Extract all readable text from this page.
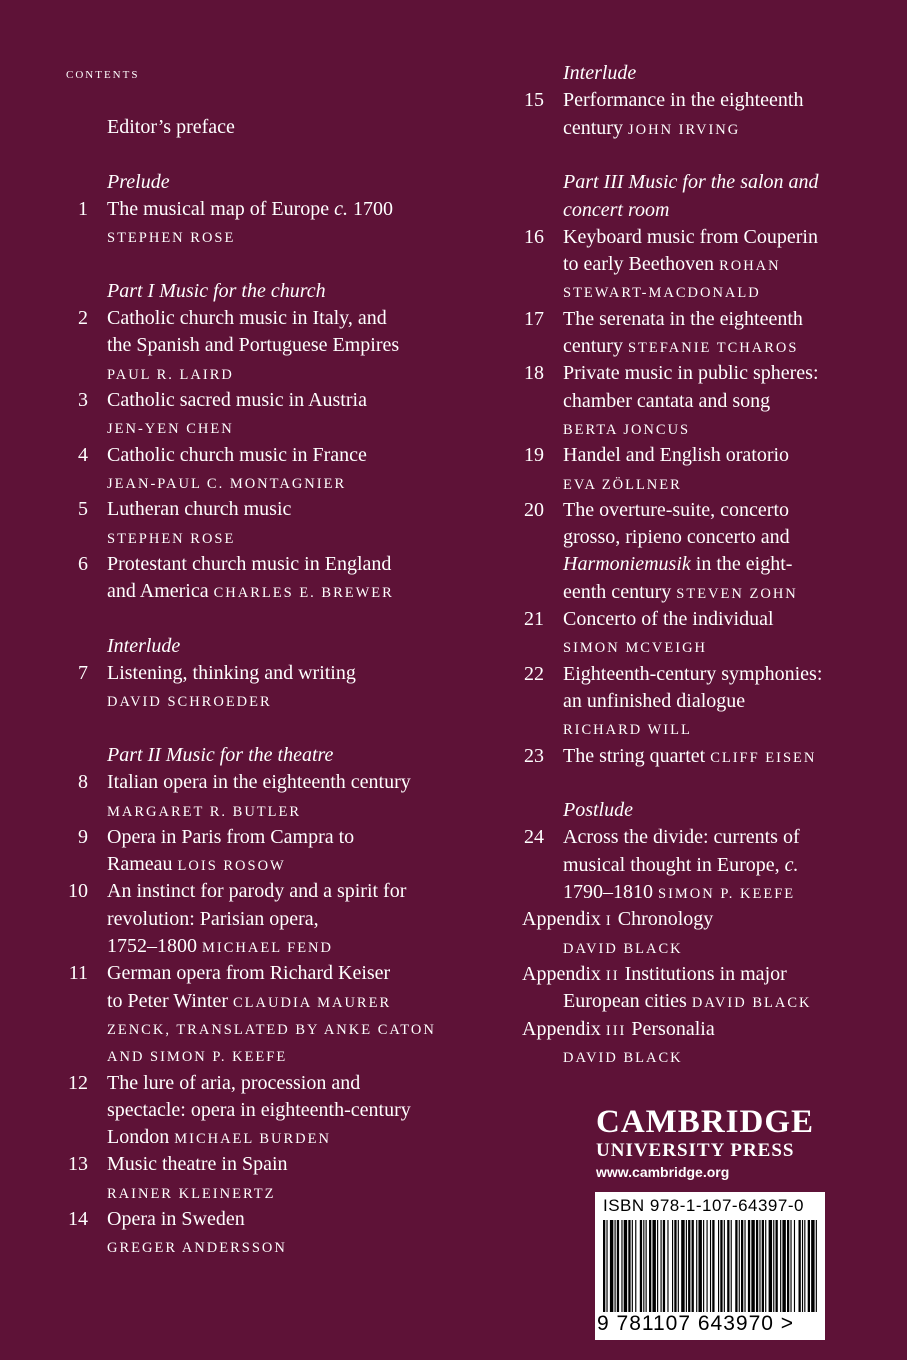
contents
Editor’s preface
Prelude
1 The musical map of Europe c. 1700
STEPHEN ROSE
Part I Music for the church
2 Catholic church music in Italy, and
the Spanish and Portuguese Empires
PAUL R. LAIRD
3 Catholic sacred music in Austria
JEN-YEN CHEN
4 Catholic church music in France
JEAN-PAUL C. MONTAGNIER
5 Lutheran church music
STEPHEN ROSE
6 Protestant church music in England
and America CHARLES E. BREWER
Interlude
7 Listening, thinking and writing
DAVID SCHROEDER
Part II Music for the theatre
8 Italian opera in the eighteenth century
MARGARET R. BUTLER
9 Opera in Paris from Campra to
Rameau LOIS ROSOW
10 An instinct for parody and a spirit for
revolution: Parisian opera,
1752–1800 MICHAEL FEND
11 German opera from Richard Keiser
to Peter Winter CLAUDIA MAURER
ZENCK, TRANSLATED BY ANKE CATON
AND SIMON P. KEEFE
12 The lure of aria, procession and
spectacle: opera in eighteenth-century
London MICHAEL BURDEN
13 Music theatre in Spain
RAINER KLEINERTZ
14 Opera in Sweden
GREGER ANDERSSON
Interlude
15 Performance in the eighteenth
century JOHN IRVING
Part III Music for the salon and
concert room
16 Keyboard music from Couperin
to early Beethoven ROHAN
STEWART-MACDONALD
17 The serenata in the eighteenth
century STEFANIE TCHAROS
18 Private music in public spheres:
chamber cantata and song
BERTA JONCUS
19 Handel and English oratorio
EVA ZÖLLNER
20 The overture-suite, concerto
grosso, ripieno concerto and
Harmoniemusik in the eight-
eenth century STEVEN ZOHN
21 Concerto of the individual
SIMON MCVEIGH
22 Eighteenth-century symphonies:
an unfinished dialogue
RICHARD WILL
23 The string quartet CLIFF EISEN
Postlude
24 Across the divide: currents of
musical thought in Europe, c.
1790–1810 SIMON P. KEEFE
Appendix I Chronology
DAVID BLACK
Appendix II Institutions in major
European cities DAVID BLACK
Appendix III Personalia
DAVID BLACK
CAMBRIDGE
UNIVERSITY PRESS
www.cambridge.org
ISBN 978-1-107-64397-0
9 781107 643970 >
